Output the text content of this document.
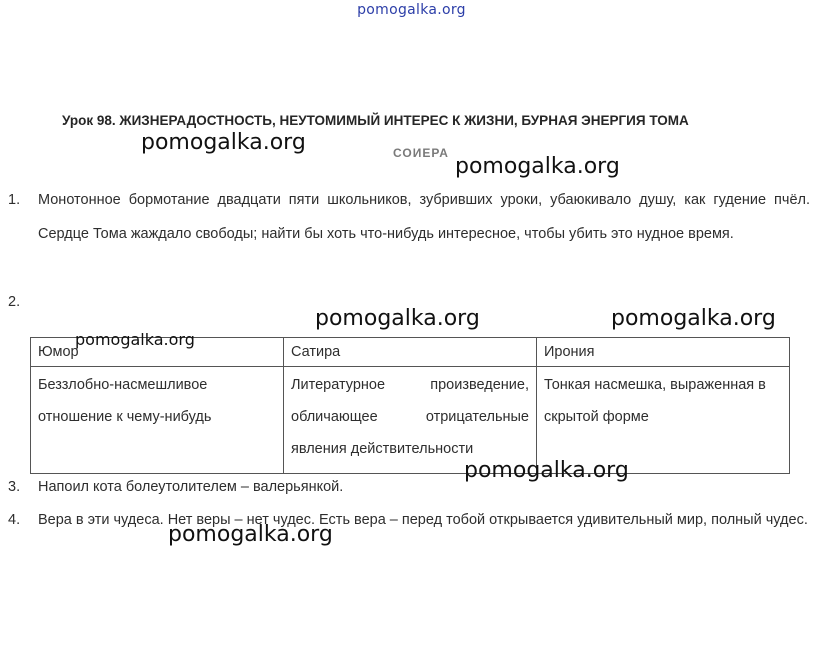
pomogalka.org
Урок 98. ЖИЗНЕРАДОСТНОСТЬ, НЕУТОМИМЫЙ ИНТЕРЕС К ЖИЗНИ, БУРНАЯ ЭНЕРГИЯ ТОМА
СОИЕРА
1.	Монотонное бормотание двадцати пяти школьников, зубривших уроки, убаюкивало душу, как гудение пчёл. Сердце Тома жаждало свободы; найти бы хоть что-нибудь интересное, чтобы убить это нудное время.
2.
Юмор	Сатира	Ирония
Беззлобно-насмешливое отношение к чему-нибудь	Литературное произведение, обличающее отрицательные явления действительности	Тонкая насмешка, выраженная в скрытой форме
3.	Напоил кота болеутолителем – валерьянкой.
4.	Вера в эти чудеса. Нет веры – нет чудес. Есть вера – перед тобой открывается удивительный мир, полный чудес.
pomogalka.org
pomogalka.org
pomogalka.org	pomogalka.org
pomogalka.org
pomogalka.org
pomogalka.org
